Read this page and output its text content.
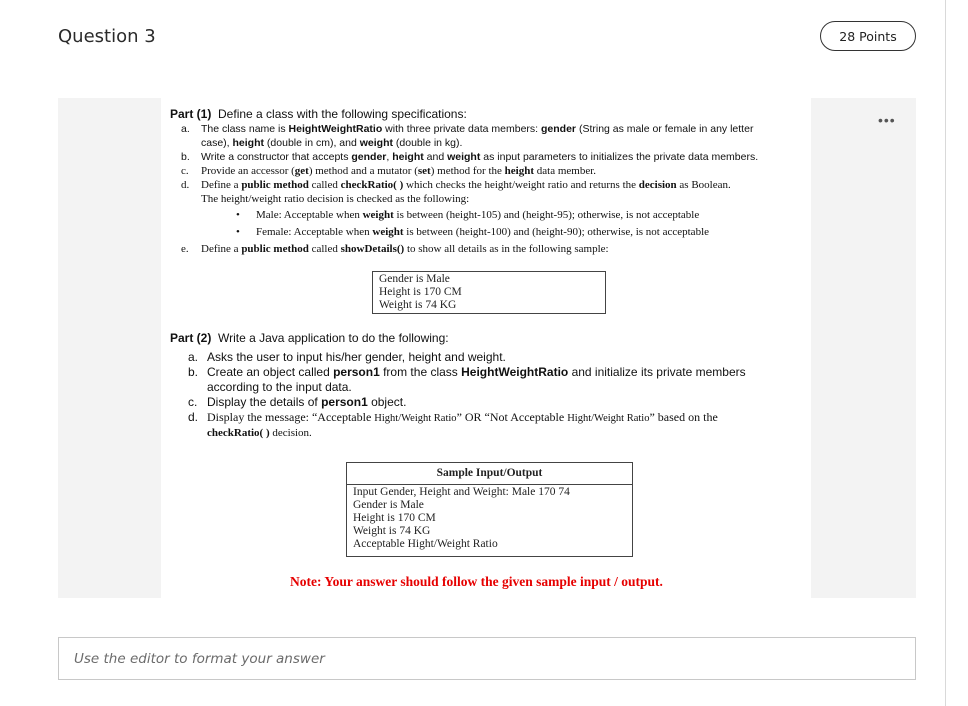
Question 3	28 Points
•••
Part (1) Define a class with the following specifications:
a. The class name is HeightWeightRatio with three private data members: gender (String as male or female in any letter
case), height (double in cm), and weight (double in kg).
b. Write a constructor that accepts gender, height and weight as input parameters to initializes the private data members.
c. Provide an accessor (get) method and a mutator (set) method for the height data member.
d. Define a public method called checkRatio( ) which checks the height/weight ratio and returns the decision as Boolean.
The height/weight ratio decision is checked as the following:
• Male: Acceptable when weight is between (height-105) and (height-95); otherwise, is not acceptable
• Female: Acceptable when weight is between (height-100) and (height-90); otherwise, is not acceptable
e. Define a public method called showDetails() to show all details as in the following sample:
Gender is Male
Height is 170 CM
Weight is 74 KG
Part (2) Write a Java application to do the following:
a. Asks the user to input his/her gender, height and weight.
b. Create an object called person1 from the class HeightWeightRatio and initialize its private members
according to the input data.
c. Display the details of person1 object.
d. Display the message: “Acceptable Hight/Weight Ratio” OR “Not Acceptable Hight/Weight Ratio” based on the
checkRatio( ) decision.
Sample Input/Output
Input Gender, Height and Weight: Male 170 74
Gender is Male
Height is 170 CM
Weight is 74 KG
Acceptable Hight/Weight Ratio
Note: Your answer should follow the given sample input / output.
Use the editor to format your answer
